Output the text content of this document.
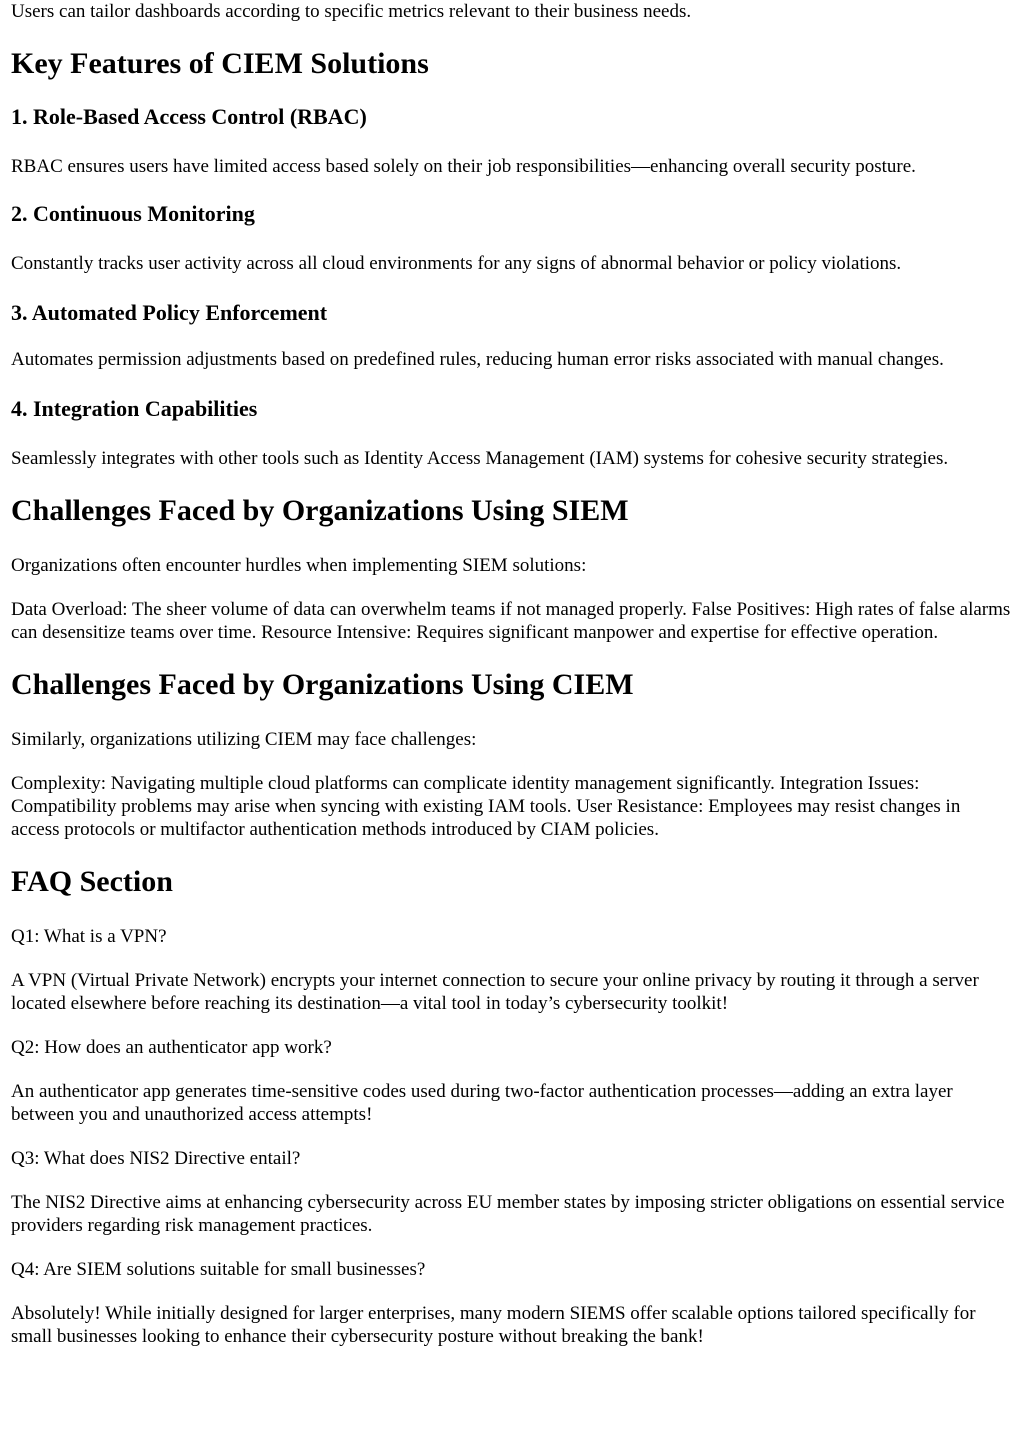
Users can tailor dashboards according to specific metrics relevant to their business needs.

Key Features of CIEM Solutions
1. Role-Based Access Control (RBAC)

RBAC ensures users have limited access based solely on their job responsibilities—enhancing overall security posture.

2. Continuous Monitoring

Constantly tracks user activity across all cloud environments for any signs of abnormal behavior or policy violations.

3. Automated Policy Enforcement

Automates permission adjustments based on predefined rules, reducing human error risks associated with manual changes.

4. Integration Capabilities

Seamlessly integrates with other tools such as Identity Access Management (IAM) systems for cohesive security strategies.

Challenges Faced by Organizations Using SIEM

Organizations often encounter hurdles when implementing SIEM solutions:

Data Overload: The sheer volume of data can overwhelm teams if not managed properly. False Positives: High rates of false alarms can desensitize teams over time. Resource Intensive: Requires significant manpower and expertise for effective operation.

Challenges Faced by Organizations Using CIEM

Similarly, organizations utilizing CIEM may face challenges:

Complexity: Navigating multiple cloud platforms can complicate identity management significantly. Integration Issues: Compatibility problems may arise when syncing with existing IAM tools. User Resistance: Employees may resist changes in access protocols or multifactor authentication methods introduced by CIAM policies.

FAQ Section

Q1: What is a VPN?

A VPN (Virtual Private Network) encrypts your internet connection to secure your online privacy by routing it through a server located elsewhere before reaching its destination—a vital tool in today’s cybersecurity toolkit!

Q2: How does an authenticator app work?

An authenticator app generates time-sensitive codes used during two-factor authentication processes—adding an extra layer between you and unauthorized access attempts!

Q3: What does NIS2 Directive entail?

The NIS2 Directive aims at enhancing cybersecurity across EU member states by imposing stricter obligations on essential service providers regarding risk management practices.

Q4: Are SIEM solutions suitable for small businesses?

Absolutely! While initially designed for larger enterprises, many modern SIEMS offer scalable options tailored specifically for small businesses looking to enhance their cybersecurity posture without breaking the bank!
